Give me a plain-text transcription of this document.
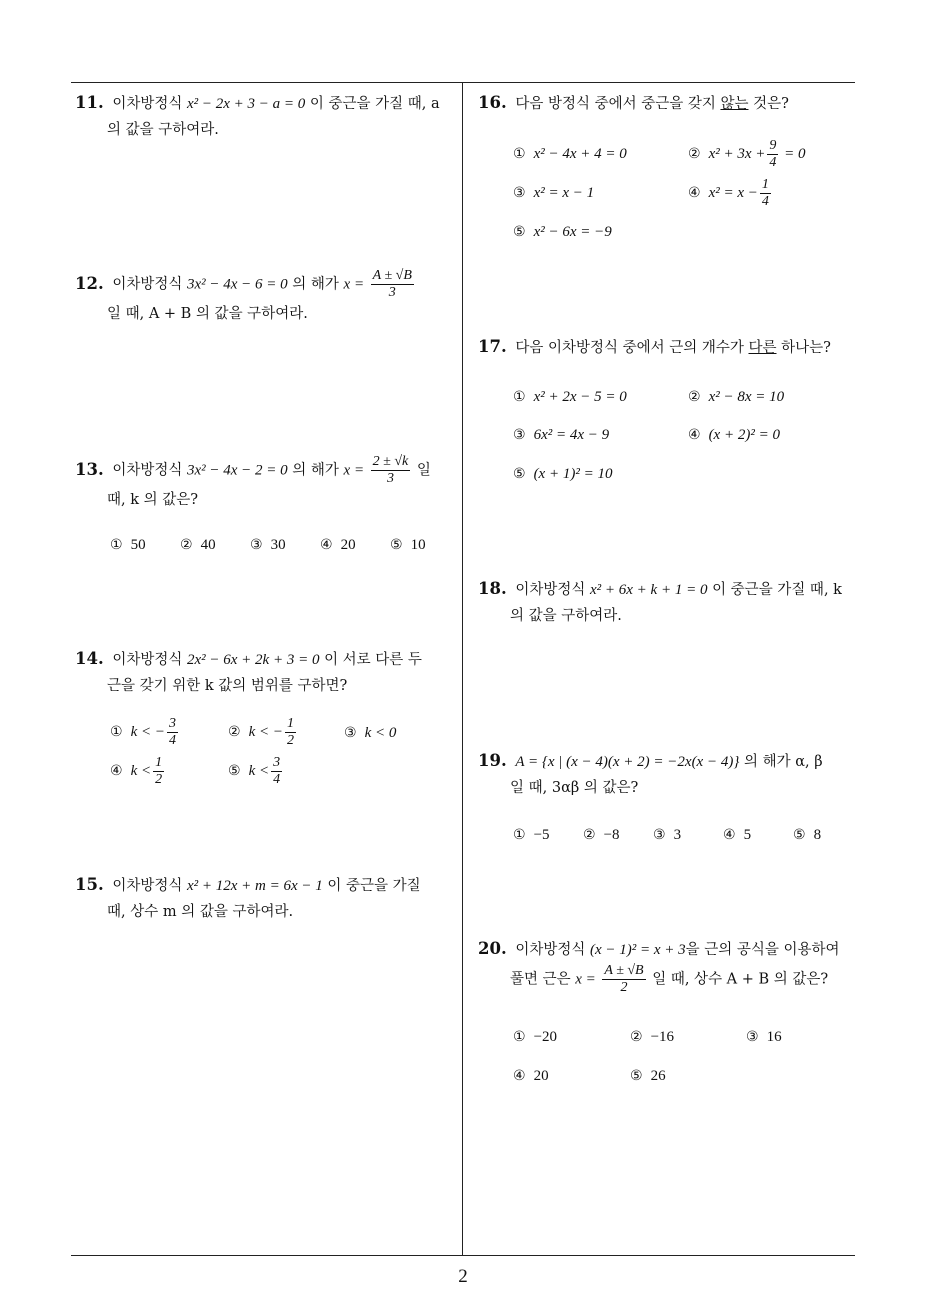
2
11. 이차방정식 x² − 2x + 3 − a = 0 이 중근을 가질 때, a
의 값을 구하여라.
12. 이차방정식 3x² − 4x − 6 = 0 의 해가 $x = \frac{A \pm √B}{3}$
일 때, A + B 의 값을 구하여라.
13. 이차방정식 3x² − 4x − 2 = 0 의 해가 $x = \frac{2 \pm √k}{3}$ 일
때, k 의 값은?
① 50 ② 40 ③ 30 ④ 20 ⑤ 10
14. 이차방정식 2x² − 6x + 2k + 3 = 0 이 서로 다른 두
근을 갖기 위한 k 값의 범위를 구하면?
① k < − $\frac{3}{4}$	② k < − $\frac{1}{2}$	③ k < 0
④ $k < \frac{1}{2}$	⑤ $k < \frac{3}{4}$
15. 이차방정식 x² + 12x + m = 6x − 1 이 중근을 가질
때, 상수 m 의 값을 구하여라.
16. 다음 방정식 중에서 중근을 갖지 않는 것은?
① x² − 4x + 4 = 0	② $x^2 + 3x + \frac{9}{4} = 0$
③ x² = x − 1	④ $x^2 = x - \frac{1}{4}$
⑤ x² − 6x = −9
17. 다음 이차방정식 중에서 근의 개수가 다른 하나는?
① x² + 2x − 5 = 0	② x² − 8x = 10
③ 6x² = 4x − 9	④ (x + 2)² = 0
⑤ (x + 1)² = 10
18. 이차방정식 x² + 6x + k + 1 = 0 이 중근을 가질 때, k
의 값을 구하여라.
19. A = {x | (x − 4)(x + 2) = −2x(x − 4)} 의 해가 α, β
일 때, 3αβ 의 값은?
① −5 ② −8 ③ 3	④ 5	⑤ 8
20. 이차방정식 (x − 1)² = x + 3을 근의 공식을 이용하여
풀면 근은 $x = \frac{A \pm √B}{2}$ 일 때, 상수 A + B 의 값은?
① −20	② −16	③ 16
④ 20	⑤ 26
